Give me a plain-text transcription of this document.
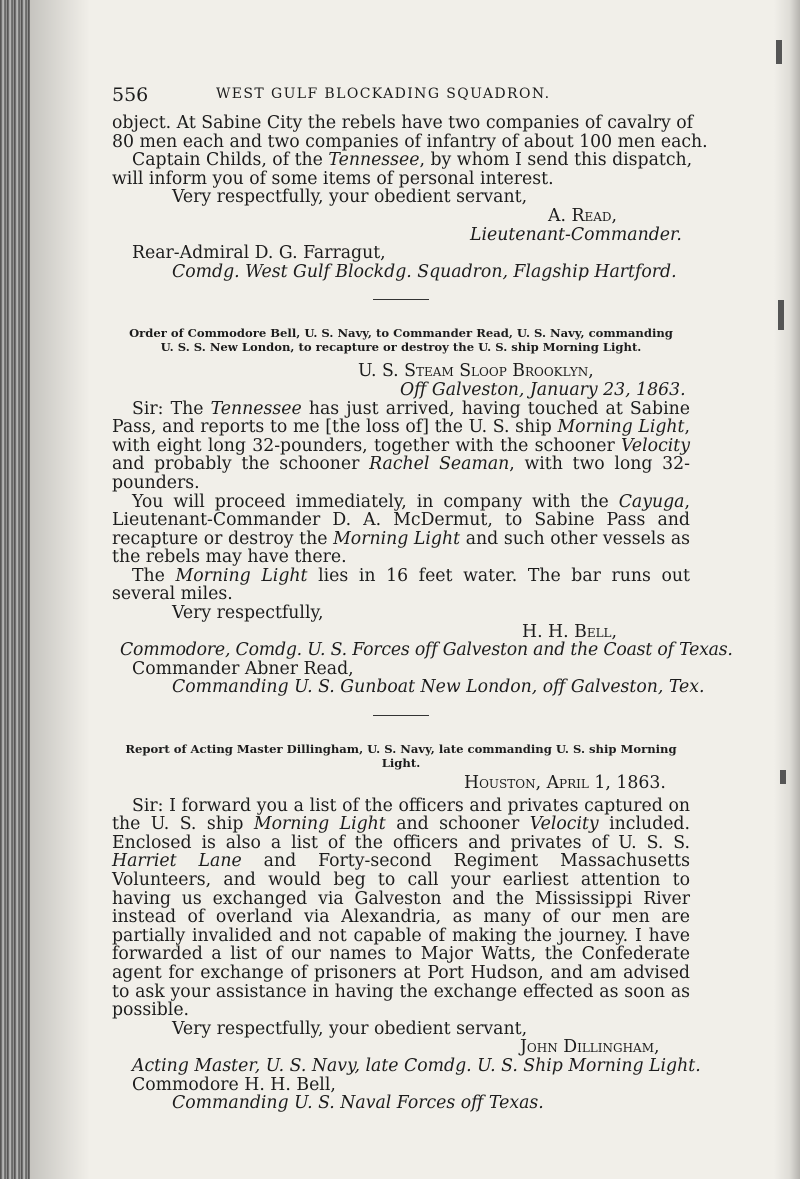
556	WEST GULF BLOCKADING SQUADRON.

object. At Sabine City the rebels have two companies of cavalry of

80 men each and two companies of infantry of about 100 men each.

Captain Childs, of the Tennessee, by whom I send this dispatch,

will inform you of some items of personal interest.

Very respectfully, your obedient servant,

A. Read,

Lieutenant-Commander.

Rear-Admiral D. G. Farragut,

Comdg. West Gulf Blockdg. Squadron, Flagship Hartford.

Order of Commodore Bell, U. S. Navy, to Commander Read, U. S. Navy, commanding

U. S. S. New London, to recapture or destroy the U. S. ship Morning Light.

U. S. Steam Sloop Brooklyn,

Off Galveston, January 23, 1863.

Sir: The Tennessee has just arrived, having touched at Sabine Pass, and reports to me [the loss of] the U. S. ship Morning Light, with eight long 32-pounders, together with the schooner Velocity and probably the schooner Rachel Seaman, with two long 32-pounders.

You will proceed immediately, in company with the Cayuga, Lieutenant-Commander D. A. McDermut, to Sabine Pass and recapture or destroy the Morning Light and such other vessels as the rebels may have there.

The Morning Light lies in 16 feet water. The bar runs out several miles.

Very respectfully,

H. H. Bell,

Commodore, Comdg. U. S. Forces off Galveston and the Coast of Texas.

Commander Abner Read,

Commanding U. S. Gunboat New London, off Galveston, Tex.

Report of Acting Master Dillingham, U. S. Navy, late commanding U. S. ship Morning

Light.

Houston, April 1, 1863.

Sir: I forward you a list of the officers and privates captured on the U. S. ship Morning Light and schooner Velocity included. Enclosed is also a list of the officers and privates of U. S. S. Harriet Lane and Forty-second Regiment Massachusetts Volunteers, and would beg to call your earliest attention to having us exchanged via Galveston and the Mississippi River instead of overland via Alexandria, as many of our men are partially invalided and not capable of making the journey. I have forwarded a list of our names to Major Watts, the Confederate agent for exchange of prisoners at Port Hudson, and am advised to ask your assistance in having the exchange effected as soon as possible.

Very respectfully, your obedient servant,

John Dillingham,

Acting Master, U. S. Navy, late Comdg. U. S. Ship Morning Light.

Commodore H. H. Bell,

Commanding U. S. Naval Forces off Texas.
